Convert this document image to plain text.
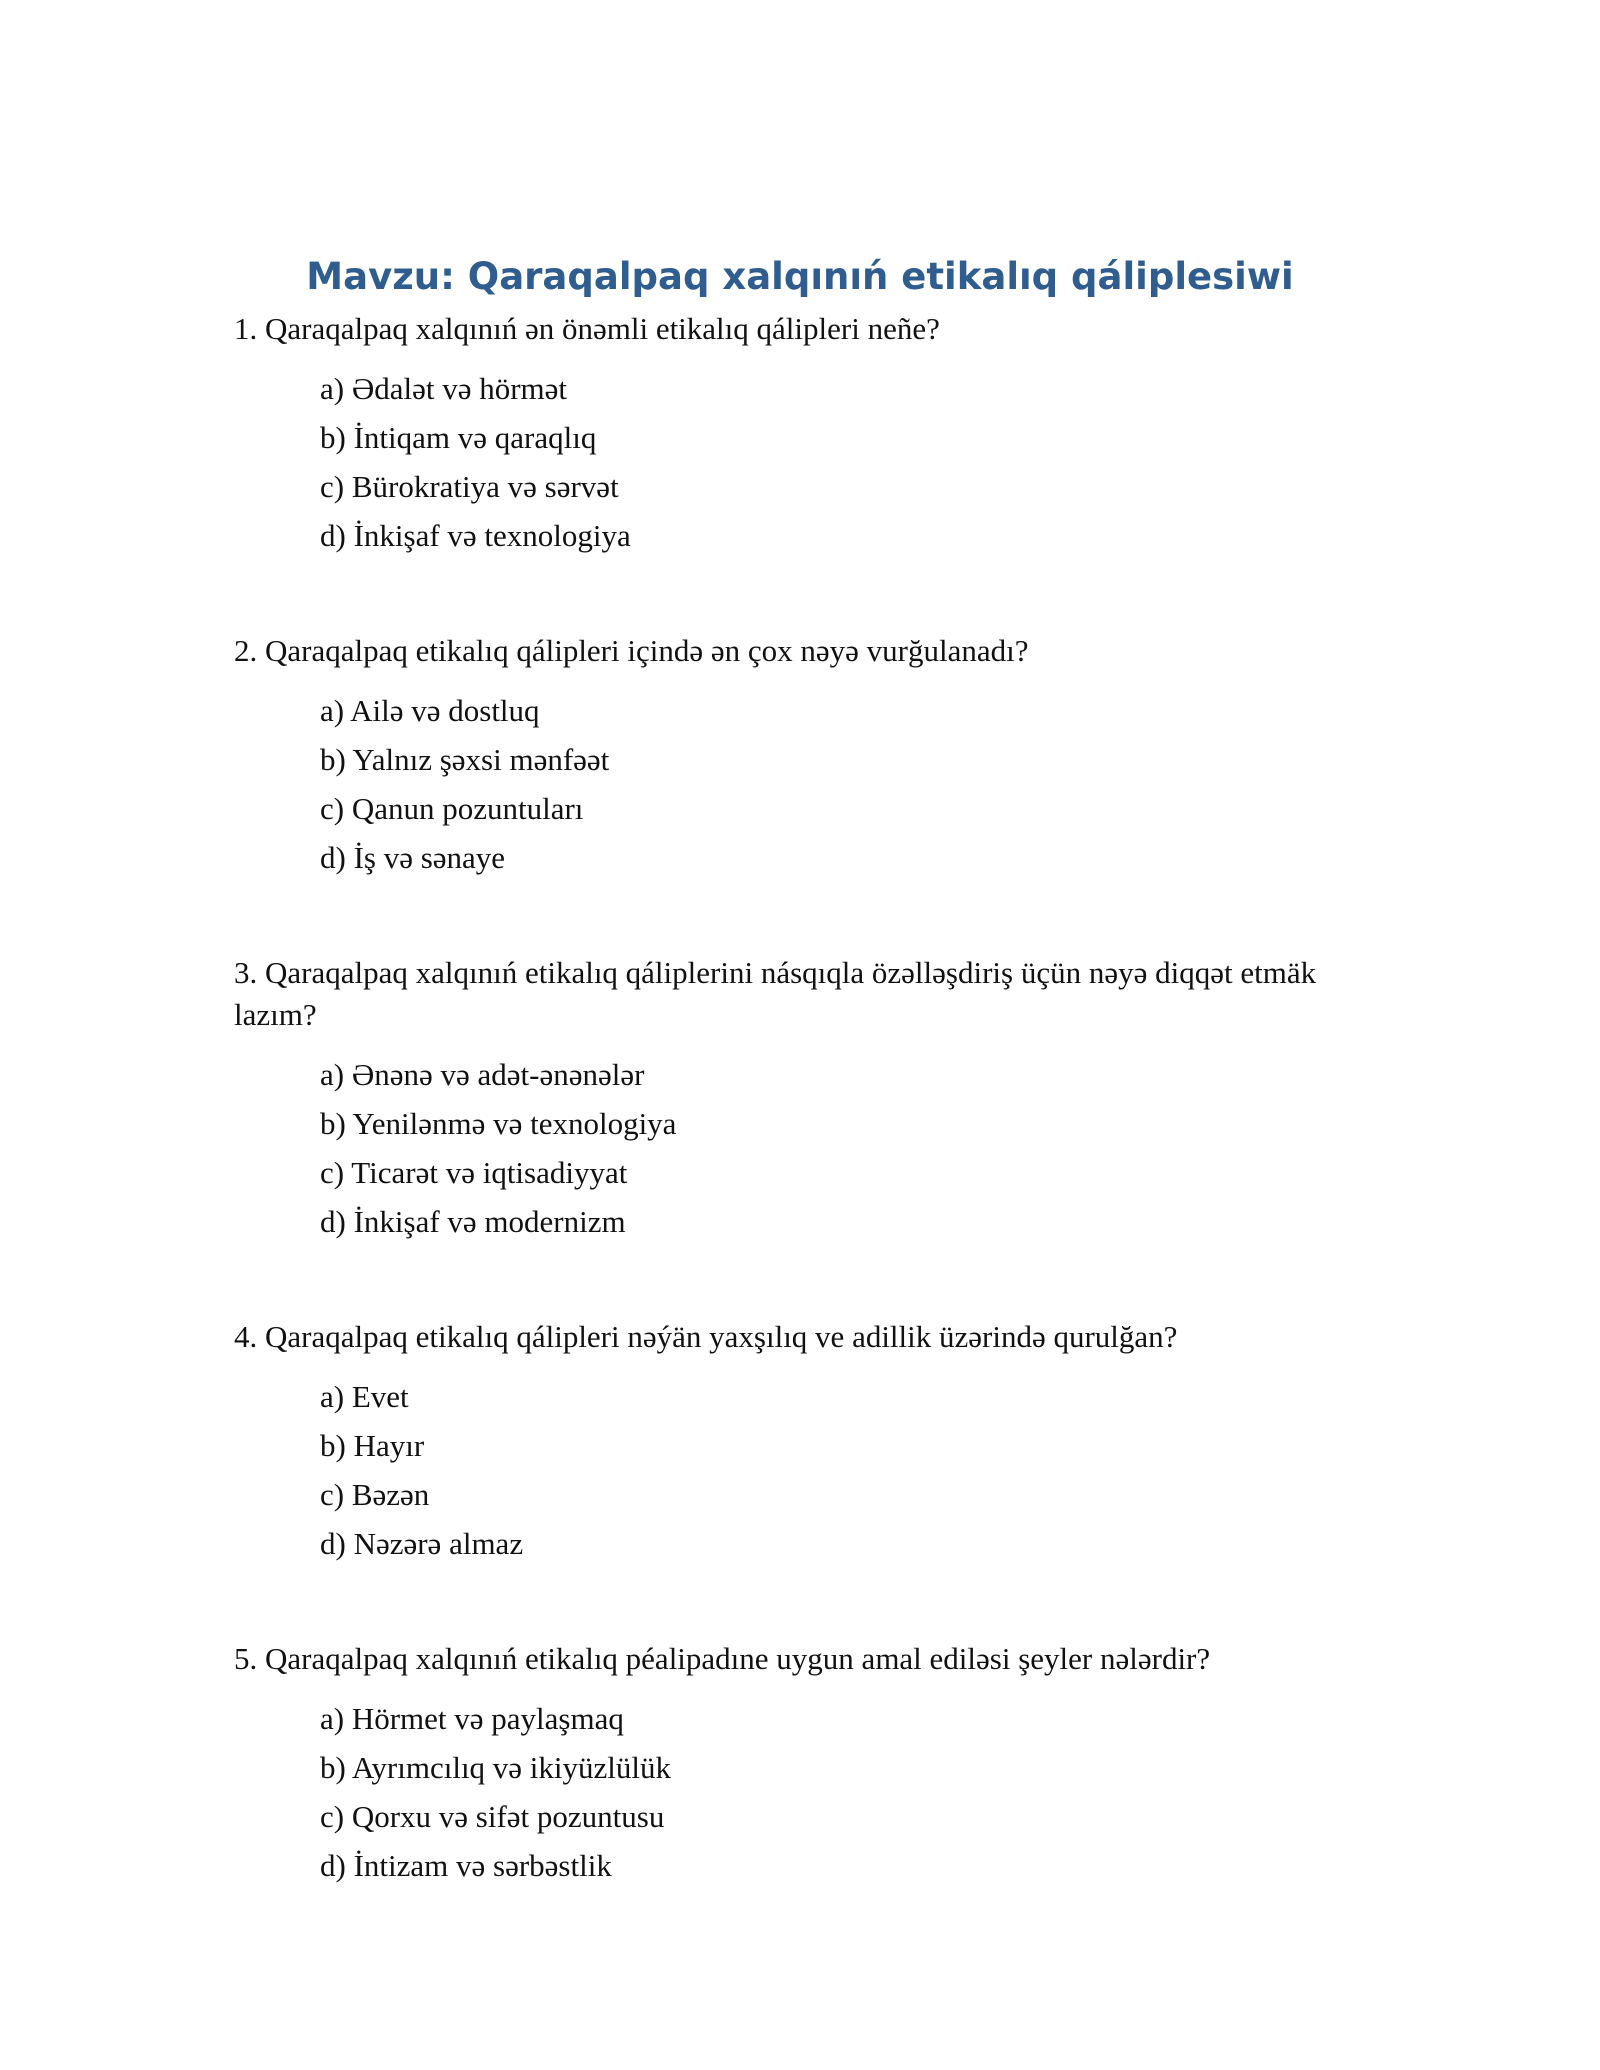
Mavzu: Qaraqalpaq xalqınıń etikalıq qáliplesiwi

1. Qaraqalpaq xalqınıń ən önəmli etikalıq qálipleri neñe?

a) Ədalət və hörmət
b) İntiqam və qaraqlıq
c) Bürokratiya və sərvət
d) İnkişaf və texnologiya

2. Qaraqalpaq etikalıq qálipleri içində ən çox nəyə vurğulanadı?

a) Ailə və dostluq
b) Yalnız şəxsi mənfəət
c) Qanun pozuntuları
d) İş və sənaye

3. Qaraqalpaq xalqınıń etikalıq qáliplerini násqıqla özəlləşdiriş üçün nəyə diqqət etmäk lazım?

a) Ənənə və adət-ənənələr
b) Yenilənmə və texnologiya
c) Ticarət və iqtisadiyyat
d) İnkişaf və modernizm

4. Qaraqalpaq etikalıq qálipleri nəýän yaxşılıq ve adillik üzərində qurulğan?

a) Evet
b) Hayır
c) Bəzən
d) Nəzərə almaz

5. Qaraqalpaq xalqınıń etikalıq péalipadıne uygun amal ediləsi şeyler nələrdir?

a) Hörmet və paylaşmaq
b) Ayrımcılıq və ikiyüzlülük
c) Qorxu və sifət pozuntusu
d) İntizam və sərbəstlik
